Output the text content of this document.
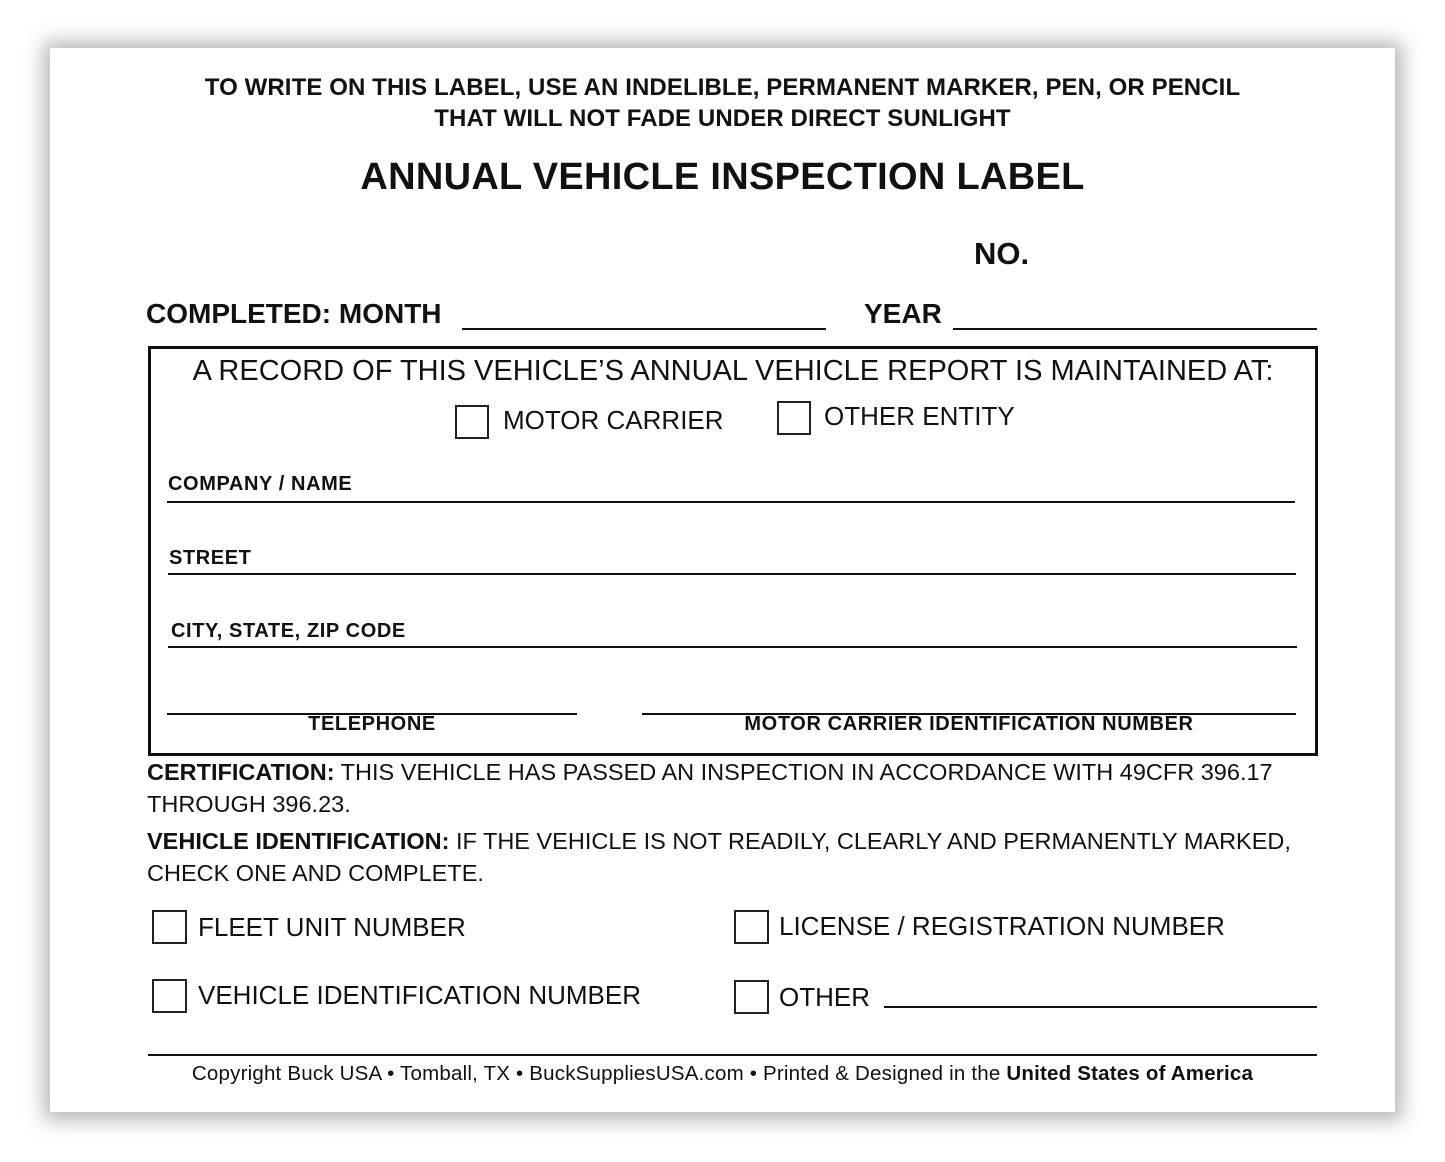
TO WRITE ON THIS LABEL, USE AN INDELIBLE, PERMANENT MARKER, PEN, OR PENCIL
THAT WILL NOT FADE UNDER DIRECT SUNLIGHT
ANNUAL VEHICLE INSPECTION LABEL
NO.
COMPLETED: MONTH	YEAR
A RECORD OF THIS VEHICLE’S ANNUAL VEHICLE REPORT IS MAINTAINED AT:
MOTOR CARRIER	OTHER ENTITY
COMPANY / NAME
STREET
CITY, STATE, ZIP CODE
TELEPHONE	MOTOR CARRIER IDENTIFICATION NUMBER
CERTIFICATION: THIS VEHICLE HAS PASSED AN INSPECTION IN ACCORDANCE WITH 49CFR 396.17 THROUGH 396.23.
VEHICLE IDENTIFICATION: IF THE VEHICLE IS NOT READILY, CLEARLY AND PERMANENTLY MARKED, CHECK ONE AND COMPLETE.
FLEET UNIT NUMBER	LICENSE / REGISTRATION NUMBER
VEHICLE IDENTIFICATION NUMBER	OTHER
Copyright Buck USA • Tomball, TX • BuckSuppliesUSA.com • Printed & Designed in the United States of America
